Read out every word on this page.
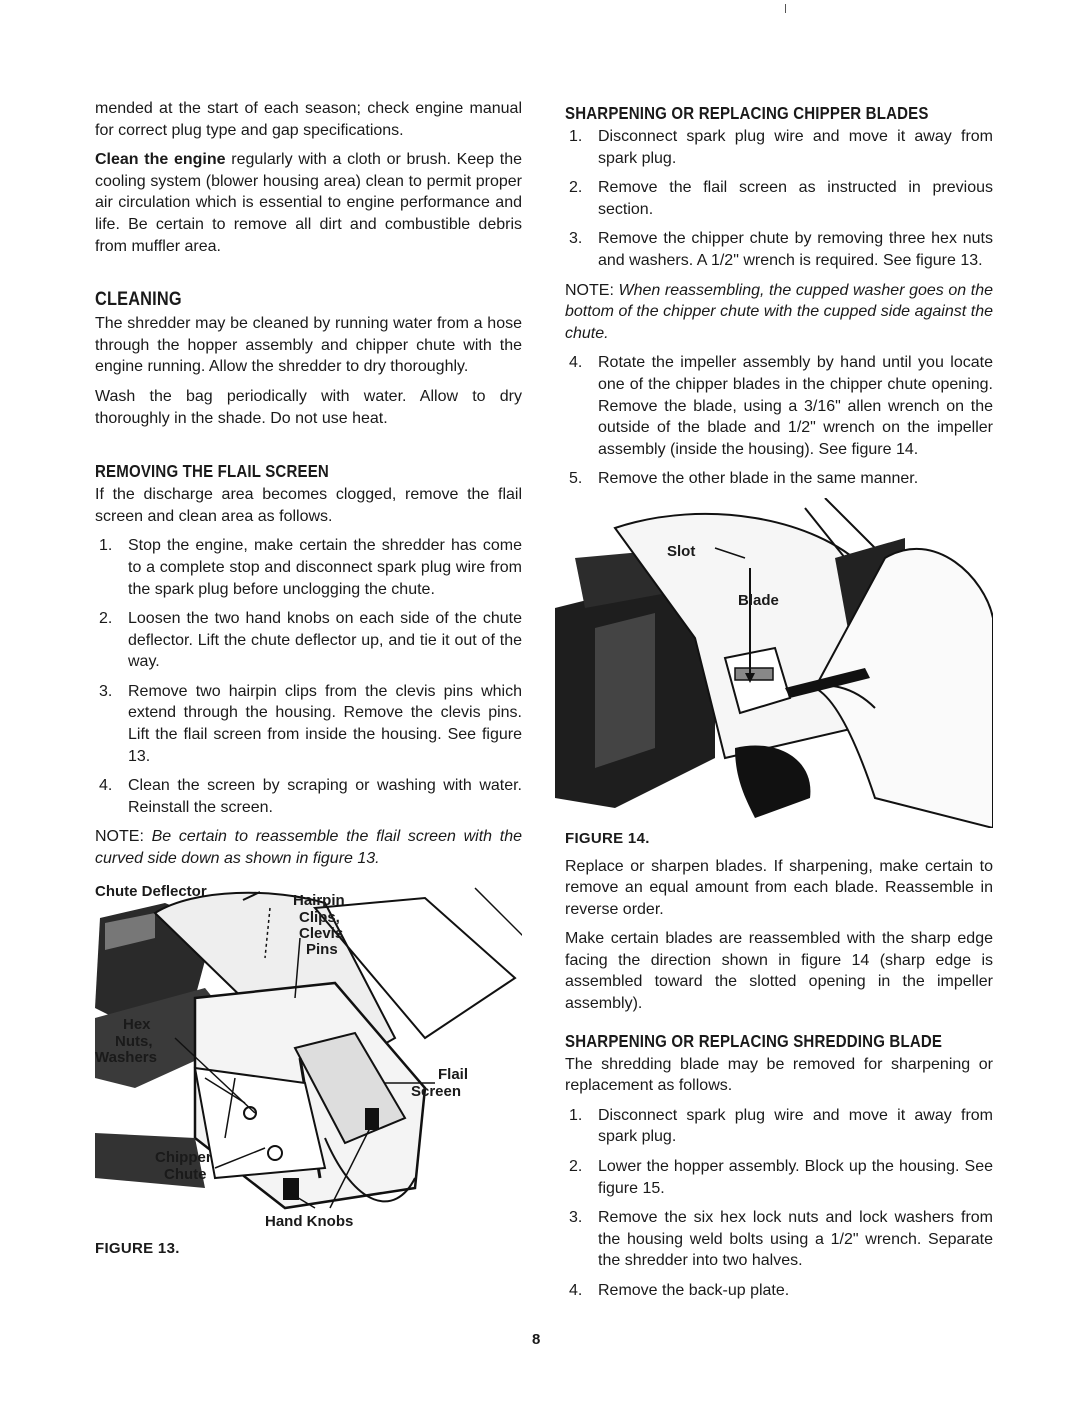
mended at the start of each season; check engine manual for correct plug type and gap specifications.

Clean the engine regularly with a cloth or brush. Keep the cooling system (blower housing area) clean to permit proper air circulation which is essential to engine performance and life. Be certain to remove all dirt and combustible debris from muffler area.

CLEANING

The shredder may be cleaned by running water from a hose through the hopper assembly and chipper chute with the engine running. Allow the shredder to dry thoroughly.

Wash the bag periodically with water. Allow to dry thoroughly in the shade. Do not use heat.

REMOVING THE FLAIL SCREEN

If the discharge area becomes clogged, remove the flail screen and clean area as follows.

1. Stop the engine, make certain the shredder has come to a complete stop and disconnect spark plug wire from the spark plug before unclogging the chute.
2. Loosen the two hand knobs on each side of the chute deflector. Lift the chute deflector up, and tie it out of the way.
3. Remove two hairpin clips from the clevis pins which extend through the housing. Remove the clevis pins. Lift the flail screen from inside the housing. See figure 13.
4. Clean the screen by scraping or washing with water. Reinstall the screen.

NOTE: Be certain to reassemble the flail screen with the curved side down as shown in figure 13.

Chute Deflector
Hairpin
Clips,
Clevis
Pins
Hex
Nuts,
Washers
Flail
Screen
Chipper
Chute
Hand Knobs

FIGURE 13.

SHARPENING OR REPLACING CHIPPER BLADES
1. Disconnect spark plug wire and move it away from spark plug.
2. Remove the flail screen as instructed in previous section.
3. Remove the chipper chute by removing three hex nuts and washers. A 1/2" wrench is required. See figure 13.

NOTE: When reassembling, the cupped washer goes on the bottom of the chipper chute with the cupped side against the chute.

4. Rotate the impeller assembly by hand until you locate one of the chipper blades in the chipper chute opening. Remove the blade, using a 3/16" allen wrench on the outside of the blade and 1/2" wrench on the impeller assembly (inside the housing). See figure 14.
5. Remove the other blade in the same manner.
Slot
Blade

FIGURE 14.

Replace or sharpen blades. If sharpening, make certain to remove an equal amount from each blade. Reassemble in reverse order.

Make certain blades are reassembled with the sharp edge facing the direction shown in figure 14 (sharp edge is assembled toward the slotted opening in the impeller assembly).

SHARPENING OR REPLACING SHREDDING BLADE

The shredding blade may be removed for sharpening or replacement as follows.

1. Disconnect spark plug wire and move it away from spark plug.
2. Lower the hopper assembly. Block up the housing. See figure 15.
3. Remove the six hex lock nuts and lock washers from the housing weld bolts using a 1/2" wrench. Separate the shredder into two halves.
4. Remove the back-up plate.
8
